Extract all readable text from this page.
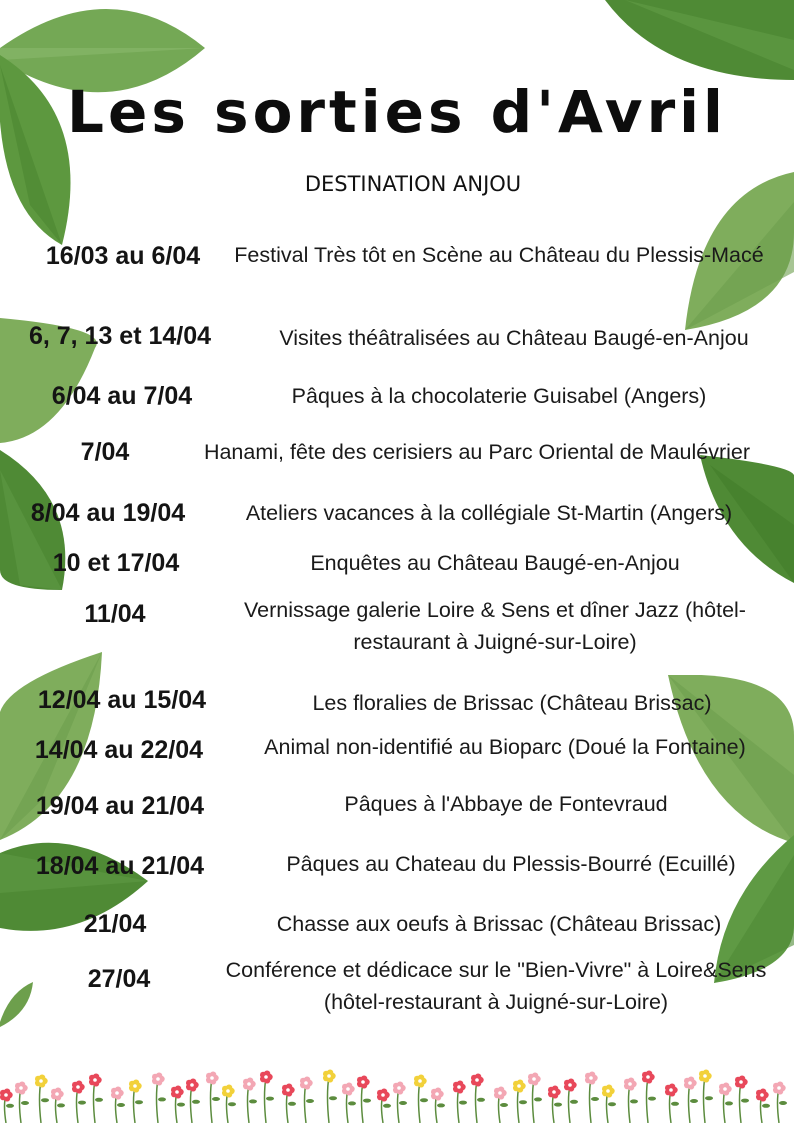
Les sorties d'Avril
DESTINATION ANJOU
16/03 au 6/04	Festival Très tôt en Scène au Château du Plessis-Macé
6, 7, 13 et 14/04	Visites théâtralisées au Château Baugé-en-Anjou
6/04 au 7/04	Pâques à la chocolaterie Guisabel (Angers)
7/04	Hanami, fête des cerisiers au Parc Oriental de Maulévrier
8/04 au 19/04	Ateliers vacances à la collégiale St-Martin (Angers)
10 et 17/04	Enquêtes au Château Baugé-en-Anjou
11/04	Vernissage galerie Loire & Sens et dîner Jazz (hôtel-restaurant à Juigné-sur-Loire)
12/04 au 15/04	Les floralies de Brissac (Château Brissac)
14/04 au 22/04	Animal non-identifié au Bioparc (Doué la Fontaine)
19/04 au 21/04	Pâques à l'Abbaye de Fontevraud
18/04 au 21/04	Pâques au Chateau du Plessis-Bourré (Ecuillé)
21/04	Chasse aux oeufs à Brissac (Château Brissac)
27/04	Conférence et dédicace sur le "Bien-Vivre" à Loire&Sens (hôtel-restaurant à Juigné-sur-Loire)
